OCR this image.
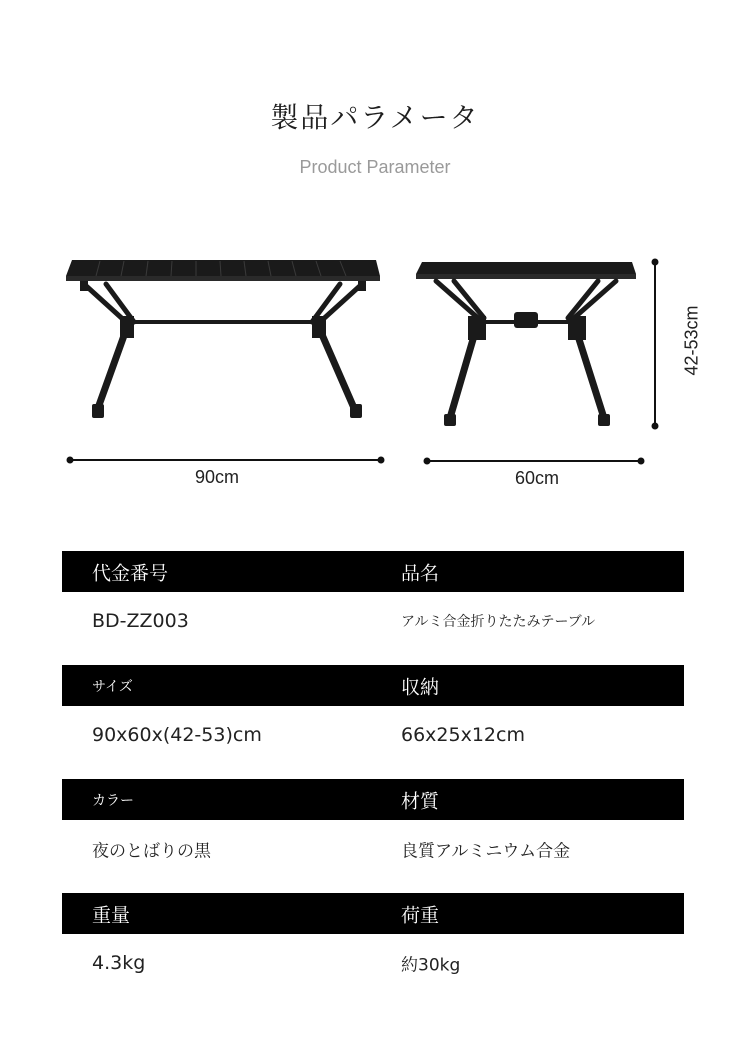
製品パラメータ
Product Parameter
90cm	60cm
42-53cm
代金番号	品名
BD-ZZ003	アルミ合金折りたたみテーブル
サイズ	収納
90x60x(42-53)cm	66x25x12cm
カラー	材質
夜のとばりの黒	良質アルミニウム合金
重量	荷重
4.3kg	約30kg
